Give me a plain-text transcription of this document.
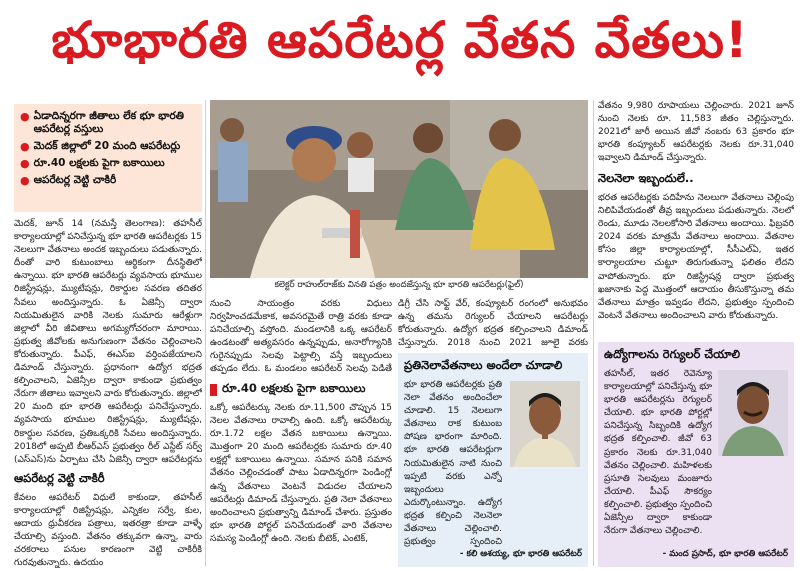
భూభారతి ఆపరేటర్ల వేతన వేతలు!
● ఏడాదిన్నరగా జీతాలు లేక భూ భారతి ఆపరేటర్ల వస్తులు
● మెదక్ జిల్లాలో 20 మంది ఆపరేటర్లు
● రూ.40 లక్షలకు పైగా బకాయిలు
● ఆపరేటర్ల వెట్టి చాకిరీ
మెదక్, జూన్ 14 (నమస్తే తెలంగాణ): తహసీల్ కార్యాలయాల్లో పనిచేస్తున్న భూ భారతి ఆపరేటర్లకు 15 నెలలుగా వేతనాలు అందక ఇబ్బందులు పడుతున్నారు. దీంతో వారి కుటుంబాలు ఆర్థికంగా దీనస్థితిలో ఉన్నాయి. భూ భారతి ఆపరేటర్లు వ్యవసాయ భూముల రిజిస్ట్రేషన్లు, మ్యుటేషన్లు, రికార్డుల సవరణ తదితర సేవలు అందిస్తున్నారు. ఓ ఏజెన్సీ ద్వారా నియమితులైన వారికి నెలకు సుమారు ఆరేళ్లుగా జిల్లాలో వీరి జీవితాలు అగమ్యగోచరంగా మారాయి. ప్రభుత్వ జీవోలకు అనుగుణంగా వేతనం చెల్లించాలని కోరుతున్నారు. పీఎఫ్, ఈఎస్ఐ వర్తింపజేయాలని డిమాండ్ చేస్తున్నారు. ప్రధానంగా ఉద్యోగ భద్రత కల్పించాలని, ఏజెన్సీల ద్వారా కాకుండా ప్రభుత్వం నేరుగా జీతాలు ఇవ్వాలని వారు కోరుతున్నారు. జిల్లాలో 20 మంది భూ భారతి ఆపరేటర్లు పనిచేస్తున్నారు. వ్యవసాయ భూముల రిజిస్ట్రేషన్లు, మ్యుటేషన్లు, రికార్డుల సవరణ, ప్రతిఒక్కరికి సేవలు అందిస్తున్నారు. 2018లో అప్పటి బీఆర్ఎస్ ప్రభుత్వం రీల్ ఎస్టేట్ సర్వ్ (ఎస్ఎస్)ను ఏర్పాటు చేసి ఏజెన్సీ ద్వారా ఆపరేటర్లను
ఆపరేటర్ల వెట్టి చాకిరీ
కేవలం ఆపరేటర్ విధులే కాకుండా, తహసీల్ కార్యాలయాల్లో రిజిస్ట్రేషన్లు, ఎన్నికల సర్వే, కుల, ఆదాయ ధ్రువీకరణ పత్రాలు, ఇతరత్రా కూడా వాళ్ళే చేయాల్సి వస్తుంది. వేతనం తక్కువగా ఉన్నా, వారు చరకరాలు పనుల కారణంగా వెట్టి చాకిరీకి గురవుతున్నారు. ఉదయం
కలెక్టర్ రాహుల్‌రాజ్‌కు వినతి పత్రం అందజేస్తున్న భూ భారతి ఆపరేటర్లు(ఫైల్)
నుంచి సాయంత్రం వరకు విధులు నిర్వహించడమేకాక, అవసరమైతే రాత్రి వరకు కూడా పనిచేయాల్సి వస్తోంది. మండలానికి ఒక్క ఆపరేటర్ ఉండటంతో అత్యవసరం ఉన్నప్పుడు, అనారోగ్యానికి గురైనప్పుడు సెలవు పెట్టాల్సి వస్తే ఇబ్బందులు తప్పడం లేదు. ఓ మండలం ఆపరేటర్ సెలవు పెడితే
రూ.40 లక్షలకు పైగా బకాయిలు
ఒక్కో ఆపరేటర్కు నెలకు రూ.11,500 చొప్పున 15 నెలల వేతనాలు రావాల్సి ఉంది. ఒక్కో ఆపరేటర్కు రూ.1.72 లక్షల వేతన బకాయిలు ఉన్నాయి. మొత్తంగా 20 మంది ఆపరేటర్లకు సుమారు రూ.40 లక్షల్లో బకాయిలు ఉన్నాయి. సమాన పనికి సమాన వేతనం చెల్లించడంతో పాటు ఏడాదిన్నరగా పెండింగ్లో ఉన్న వేతనాలు వెంటనే విడుదల చేయాలని ఆపరేటర్లు డిమాండ్ చేస్తున్నారు. ప్రతి నెలా వేతనాలు అందించాలని ప్రభుత్వాన్ని డిమాండ్ చేశారు. ప్రస్తుతం భూ భారతి పోర్టల్ పనిచేయడంతో వారి వేతనాల సమస్య పెండింగ్లో ఉంది. నెలకు బీటెక్, ఎంటెక్,
డిగ్రీ చేసి సాఫ్ట్ వేర్, కంప్యూటర్ రంగంలో అనుభవం ఉన్న తమను రెగ్యులర్ చేయాలని ఆపరేటర్లు కోరుతున్నారు. ఉద్యోగ భద్రత కల్పించాలని డిమాండ్ చేస్తున్నారు. 2018 నుంచి 2021 జూలై వరకు
వేతనం 9,980 రూపాయలు చెల్లించారు. 2021 జూన్ నుంచి నెలకు రూ. 11,583 జీతం చెల్లిస్తున్నారు. 2021లో జారీ అయిన జీవో నంబరు 63 ప్రకారం భూ భారతి కంప్యూటర్ ఆపరేటర్లకు నెలకు రూ.31,040 ఇవ్వాలని డిమాండ్ చేస్తున్నారు.
నెలనెలా ఇబ్బందులే..
భరత ఆపరేటర్లకు పదిహేను నెలలుగా వేతనాలు చెల్లింపు నిలిపివేయడంతో తీవ్ర ఇబ్బందులు పడుతున్నారు. నెలలో రెండు, మూడు నెలలకోసారి వేతనాలు అందాయి. ఫిబ్రవరి 2024 వరకు మాత్రమే వేతనాలు అందాయి. వేతనాల కోసం జిల్లా కార్యాలయాల్లో, సీసీఎల్ఏ, ఇతర కార్యాలయాల చుట్టూ తిరుగుతున్నా ఫలితం లేదని వాపోతున్నారు. భూ రిజిస్ట్రేషన్ల ద్వారా ప్రభుత్వ ఖజానాకు పెద్ద మొత్తంలో ఆదాయం తీసుకొస్తున్నా తమ వేతనాలు మాత్రం ఇవ్వడం లేదని, ప్రభుత్వం స్పందించి వెంటనే వేతనాలు అందించాలని వారు కోరుతున్నారు.
ప్రతినెలావేతనాలు అందేలా చూడాలి
భూ భారతి ఆపరేటర్లకు ప్రతి నెలా వేతనం అందించేలా చూడాలి. 15 నెలలుగా వేతనాలు రాక కుటుంబ పోషణ భారంగా మారింది. భూ భారతి ఆపరేటర్లుగా నియమితులైన నాటి నుంచి ఇప్పటి వరకు ఎన్నో ఇబ్బందులు ఎదుర్కొంటున్నాం. ఉద్యోగ భద్రత కల్పించి నెలనెలా వేతనాలు చెల్లించాలి. ప్రభుత్వం స్పందించి
- కలి ఆశయ్య, భూ భారతి ఆపరేటర్
ఉద్యోగాలను రెగ్యులర్ చేయాలి
తహసీల్, ఇతర రెవెన్యూ కార్యాలయాల్లో పనిచేస్తున్న భూ భారతి ఆపరేటర్లను రెగ్యులర్ చేయాలి. భూ భారతి పోర్టల్లో పనిచేస్తున్న సిబ్బందికి ఉద్యోగ భద్రత కల్పించాలి. జీవో 63 ప్రకారం నెలకు రూ.31,040 వేతనం చెల్లించాలి. మహిళలకు ప్రసూతి సెలవులు మంజూరు చేయాలి. పీఎఫ్ సౌకర్యం కల్పించాలి. ప్రభుత్వం స్పందించి ఏజెన్సీల ద్వారా కాకుండా నేరుగా వేతనాలు చెల్లించాలి.
- మంద ప్రసాద్, భూ భారతి ఆపరేటర్
